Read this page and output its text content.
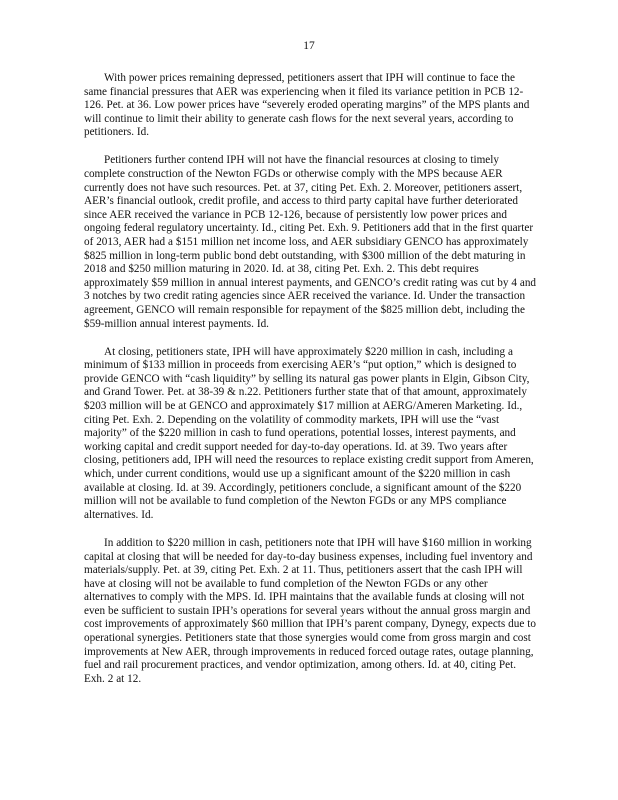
17

With power prices remaining depressed, petitioners assert that IPH will continue to face the same financial pressures that AER was experiencing when it filed its variance petition in PCB 12-126. Pet. at 36. Low power prices have “severely eroded operating margins” of the MPS plants and will continue to limit their ability to generate cash flows for the next several years, according to petitioners. Id.

Petitioners further contend IPH will not have the financial resources at closing to timely complete construction of the Newton FGDs or otherwise comply with the MPS because AER currently does not have such resources. Pet. at 37, citing Pet. Exh. 2. Moreover, petitioners assert, AER’s financial outlook, credit profile, and access to third party capital have further deteriorated since AER received the variance in PCB 12-126, because of persistently low power prices and ongoing federal regulatory uncertainty. Id., citing Pet. Exh. 9. Petitioners add that in the first quarter of 2013, AER had a $151 million net income loss, and AER subsidiary GENCO has approximately $825 million in long-term public bond debt outstanding, with $300 million of the debt maturing in 2018 and $250 million maturing in 2020. Id. at 38, citing Pet. Exh. 2. This debt requires approximately $59 million in annual interest payments, and GENCO’s credit rating was cut by 4 and 3 notches by two credit rating agencies since AER received the variance. Id. Under the transaction agreement, GENCO will remain responsible for repayment of the $825 million debt, including the $59-million annual interest payments. Id.

At closing, petitioners state, IPH will have approximately $220 million in cash, including a minimum of $133 million in proceeds from exercising AER’s “put option,” which is designed to provide GENCO with “cash liquidity” by selling its natural gas power plants in Elgin, Gibson City, and Grand Tower. Pet. at 38-39 & n.22. Petitioners further state that of that amount, approximately $203 million will be at GENCO and approximately $17 million at AERG/Ameren Marketing. Id., citing Pet. Exh. 2. Depending on the volatility of commodity markets, IPH will use the “vast majority” of the $220 million in cash to fund operations, potential losses, interest payments, and working capital and credit support needed for day-to-day operations. Id. at 39. Two years after closing, petitioners add, IPH will need the resources to replace existing credit support from Ameren, which, under current conditions, would use up a significant amount of the $220 million in cash available at closing. Id. at 39. Accordingly, petitioners conclude, a significant amount of the $220 million will not be available to fund completion of the Newton FGDs or any MPS compliance alternatives. Id.

In addition to $220 million in cash, petitioners note that IPH will have $160 million in working capital at closing that will be needed for day-to-day business expenses, including fuel inventory and materials/supply. Pet. at 39, citing Pet. Exh. 2 at 11. Thus, petitioners assert that the cash IPH will have at closing will not be available to fund completion of the Newton FGDs or any other alternatives to comply with the MPS. Id. IPH maintains that the available funds at closing will not even be sufficient to sustain IPH’s operations for several years without the annual gross margin and cost improvements of approximately $60 million that IPH’s parent company, Dynegy, expects due to operational synergies. Petitioners state that those synergies would come from gross margin and cost improvements at New AER, through improvements in reduced forced outage rates, outage planning, fuel and rail procurement practices, and vendor optimization, among others. Id. at 40, citing Pet. Exh. 2 at 12.
